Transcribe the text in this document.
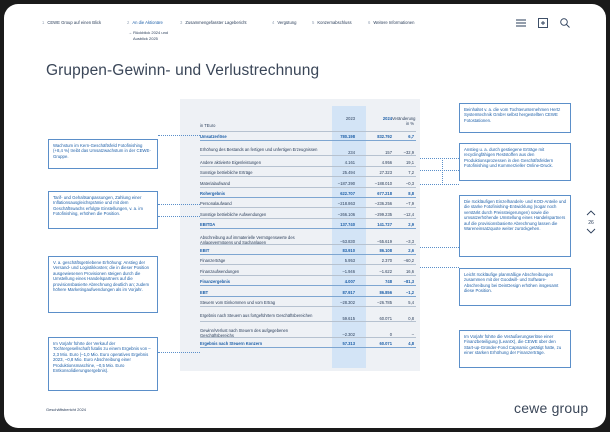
1 CEWE Group auf einen Blick	2 An die Aktionäre	3 Zusammengefasster Lagebericht	4 Vergütung	5 Konzernabschluss	6 Weitere Informationen
→ Rückblick 2024 und
Ausblick 2025
Gruppen-Gewinn- und Verlustrechnung
in TEuro
2023	2024 Veränderung in %
Umsatzerlöse	780.198	832.792	6,7
Erhöhung des Bestands an fertigen und unfertigen Erzeugnissen
234	157	–32,9
Andere aktivierte Eigenleistungen	4.161	4.956	19,1
Sonstige betriebliche Erträge	25.494	27.323	7,2
Materialaufwand	–187.390	–188.010	–0,3
Rohergebnis	622.707	677.218	8,8
Personalaufwand	–218.863	–236.256	–7,9
Sonstige betriebliche Aufwendungen	–266.106	–299.235	–12,4
EBITDA	137.740	141.727	2,9
Abschreibung auf immaterielle Vermögenswerte des Anlagevermögens und Sachanlagen	–53.830	–55.619	–3,3
EBIT	83.910	86.108	2,6
Finanzerträge	5.953	2.370	–60,2
Finanzaufwendungen	–1.946	–1.622	16,6
Finanzergebnis	4.007	748	–81,3
EBT	87.917	86.856	–1,2
Steuern vom Einkommen und vom Ertrag	–28.302	–26.785	5,4
Ergebnis nach Steuern aus fortgeführtem Geschäftsbereichen
59.615	60.071	0,8
Gewinn/Verlust nach Steuern des aufgegebenen Geschäftsbereichs	–2.302	0	–
Ergebnis nach Steuern Konzern	57.313	60.071	4,8
Wachstum im Kern-Geschäftsfeld Fotofinishing (+8,4 %) treibt das Umsatzwachstum in der CEWE-Gruppe.
Tarif- und Gehaltsanpassungen, Zahlung einer Inflationsausgleichsprämie und mit dem Geschäftswachs erfolgte Einstellungen, v. a. im Fotofinishing, erhöhen die Position.
V. a. geschäftsgetriebene Erhöhung: Anstieg der Versand- und Logistikkosten; die in dieser Position ausgewiesenen Provisionen steigen durch die Umstellung eines Handelspartners auf die provisionsbasierte Abrechnung deutlich an; zudem höhere Marketingaufwendungen als im Vorjahr.
Im Vorjahr führte der Verkauf der Tochtergesellschaft futalis zu einem Ergebnis von –2,3 Mio. Euro (–1,0 Mio. Euro operatives Ergebnis 2023, –0,8 Mio. Euro Abschreibung einer Produktionsmaschine, –0,5 Mio. Euro Entkonsolidierungsergebnis).
Beinhaltet v. a. die vom Tochterunternehmen Hertz Systemtechnik GmbH selbst hergestellten CEWE Fotostationen.
Anstieg u. a. durch gestiegene Erträge mit recyclingfähigen Reststoffen aus den Produktionsprozessen in den Geschäftsfeldern Fotofinishing und Kommerzieller Online-Druck.
Die rückläufigen Einzelhandels- und KOD-Anteile und die starke Fotofinishing-Entwicklung (sogar noch verstärkt durch Preissteigerungen) sowie die umsatzerhöhende Umstellung eines Handelspartners auf die provisionsbasierte Abrechnung lassen die Wareneinsatzquote weiter zurückgehen.
Leicht rückläufige planmäßige Abschreibungen zusammen mit der Goodwill- und Software-Abschreibung bei DeinDesign erhöhen insgesamt diese Position.
Im Vorjahr führte die Veräußerungserlöse einer Finanzbeteiligung (LeanIX), die CEWE über den Start-up-Gründer-Fond Capnamic getätigt hatte, zu einer starken Erhöhung der Finanzerträge.
26
Geschäftsbericht 2024	cewe group
